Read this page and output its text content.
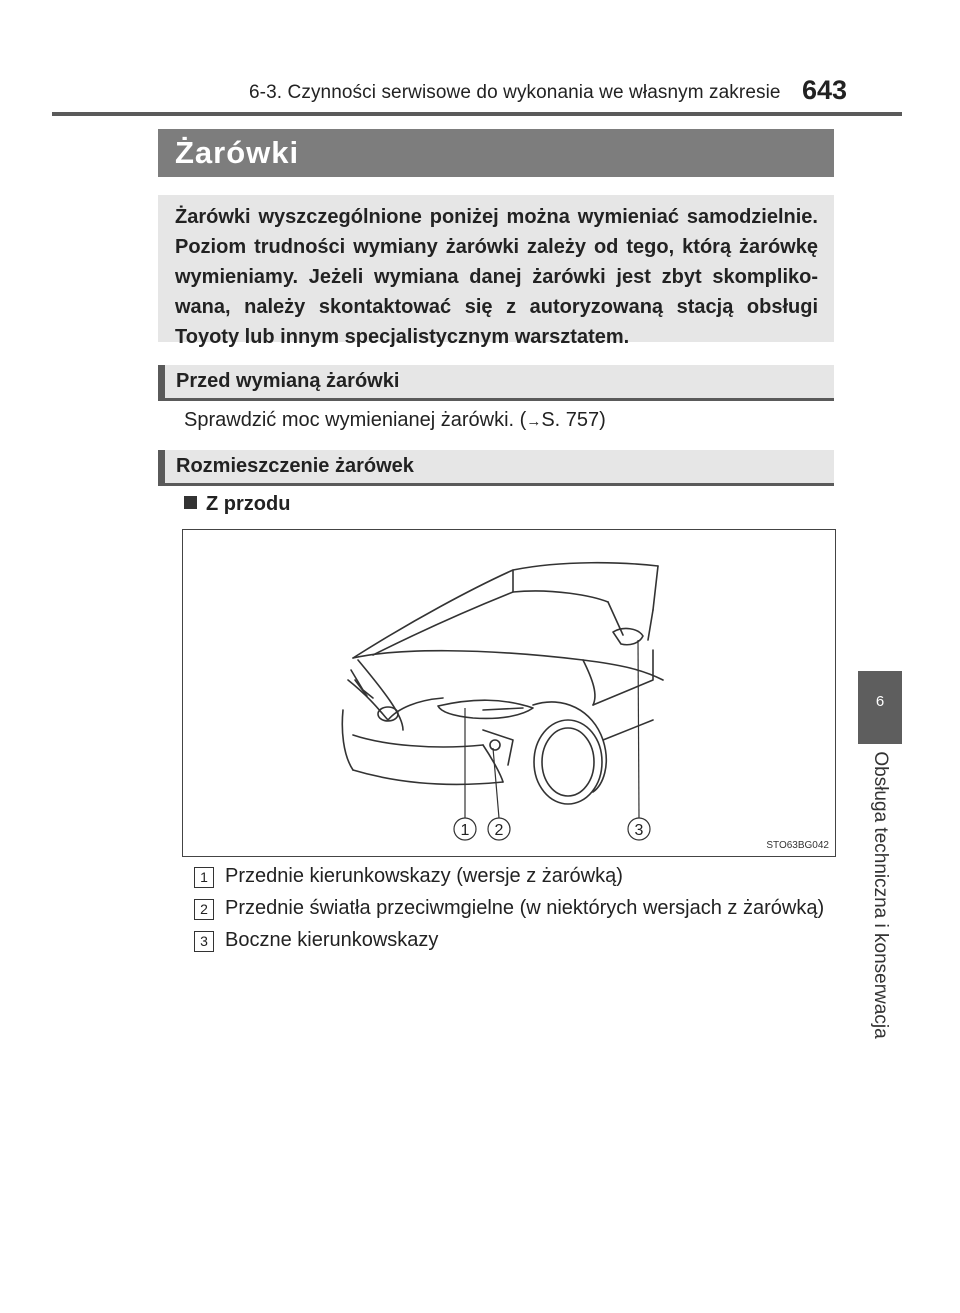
6-3. Czynności serwisowe do wykonania we własnym zakresie 643
6
Obsługa techniczna i konserwacja
Żarówki

Żarówki wyszczególnione poniżej można wymieniać samodzielnie. Poziom trudności wymiany żarówki zależy od tego, którą żarówkę wymieniamy. Jeżeli wymiana danej żarówki jest zbyt skompliko-wana, należy skontaktować się z autoryzowaną stacją obsługi Toyoty lub innym specjalistycznym warsztatem.

Przed wymianą żarówki
Sprawdzić moc wymienianej żarówki. (→S. 757)
Rozmieszczenie żarówek
Z przodu
1 2	3
STO63BG042
1 Przednie kierunkowskazy (wersje z żarówką)
2 Przednie światła przeciwmgielne (w niektórych wersjach z żarówką)
3 Boczne kierunkowskazy
